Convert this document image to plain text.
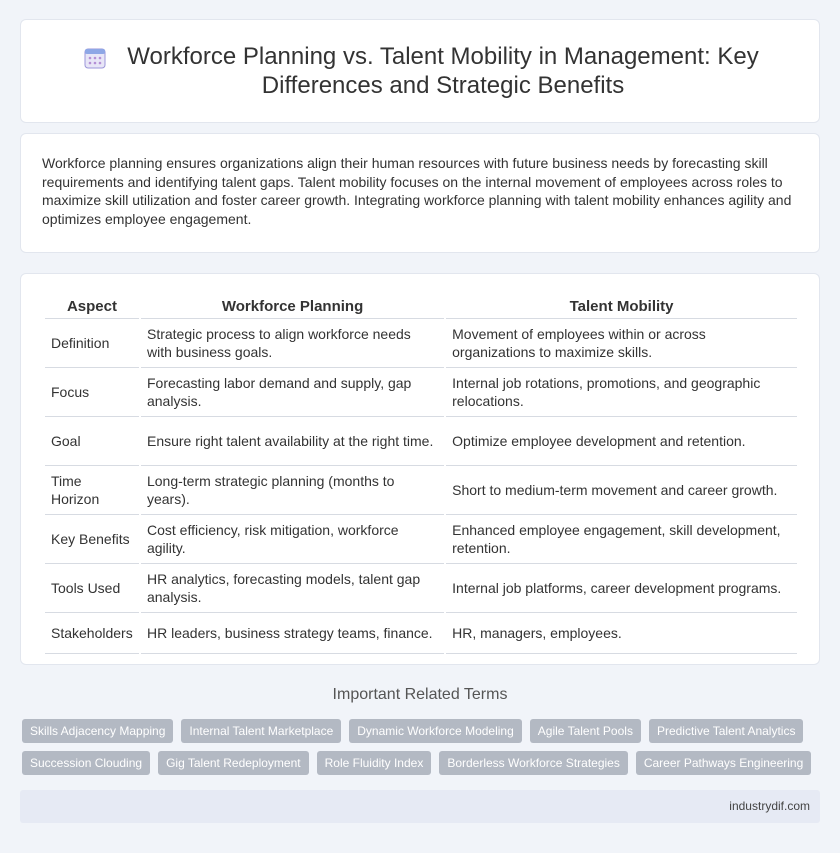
Workforce Planning vs. Talent Mobility in Management: Key Differences and Strategic Benefits

Workforce planning ensures organizations align their human resources with future business needs by forecasting skill requirements and identifying talent gaps. Talent mobility focuses on the internal movement of employees across roles to maximize skill utilization and foster career growth. Integrating workforce planning with talent mobility enhances agility and optimizes employee engagement.

Aspect	Workforce Planning	Talent Mobility
Definition	Strategic process to align workforce needs with business goals.	Movement of employees within or across organizations to maximize skills.
Focus	Forecasting labor demand and supply, gap analysis.	Internal job rotations, promotions, and geographic relocations.
Goal	Ensure right talent availability at the right time.	Optimize employee development and retention.
Time Horizon	Long-term strategic planning (months to years).	Short to medium-term movement and career growth.
Key Benefits	Cost efficiency, risk mitigation, workforce agility.	Enhanced employee engagement, skill development, retention.
Tools Used	HR analytics, forecasting models, talent gap analysis.	Internal job platforms, career development programs.
Stakeholders	HR leaders, business strategy teams, finance.	HR, managers, employees.
Important Related Terms
Skills Adjacency Mapping	Internal Talent Marketplace	Dynamic Workforce Modeling	Agile Talent Pools	Predictive Talent Analytics
Succession Clouding	Gig Talent Redeployment	Role Fluidity Index	Borderless Workforce Strategies	Career Pathways Engineering
industrydif.com
